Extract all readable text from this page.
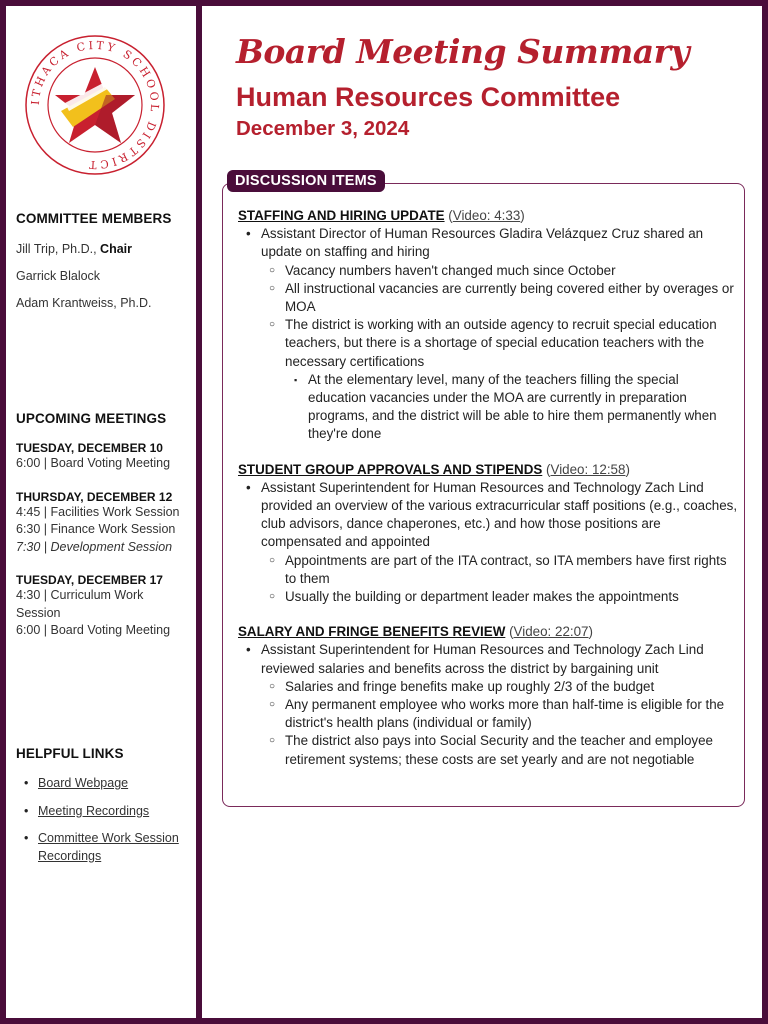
ITHACA CITY SCHOOL DISTRICT
COMMITTEE MEMBERS
Jill Trip, Ph.D., Chair
Garrick Blalock
Adam Krantweiss, Ph.D.
UPCOMING MEETINGS
TUESDAY, DECEMBER 10
6:00 | Board Voting Meeting
THURSDAY, DECEMBER 12
4:45 | Facilities Work Session
6:30 | Finance Work Session
7:30 | Development Session
TUESDAY, DECEMBER 17
4:30 | Curriculum Work Session
6:00 | Board Voting Meeting
HELPFUL LINKS
• Board Webpage
• Meeting Recordings
• Committee Work Session Recordings
Board Meeting Summary
Human Resources Committee
December 3, 2024
DISCUSSION ITEMS
STAFFING AND HIRING UPDATE (Video: 4:33)
• Assistant Director of Human Resources Gladira Velázquez Cruz shared an update on staffing and hiring
○ Vacancy numbers haven't changed much since October
○ All instructional vacancies are currently being covered either by overages or MOA
○ The district is working with an outside agency to recruit special education teachers, but there is a shortage of special education teachers with the necessary certifications
▪ At the elementary level, many of the teachers filling the special education vacancies under the MOA are currently in preparation programs, and the district will be able to hire them permanently when they're done
STUDENT GROUP APPROVALS AND STIPENDS (Video: 12:58)
• Assistant Superintendent for Human Resources and Technology Zach Lind provided an overview of the various extracurricular staff positions (e.g., coaches, club advisors, dance chaperones, etc.) and how those positions are compensated and appointed
○ Appointments are part of the ITA contract, so ITA members have first rights to them
○ Usually the building or department leader makes the appointments
SALARY AND FRINGE BENEFITS REVIEW (Video: 22:07)
• Assistant Superintendent for Human Resources and Technology Zach Lind reviewed salaries and benefits across the district by bargaining unit
○ Salaries and fringe benefits make up roughly 2/3 of the budget
○ Any permanent employee who works more than half-time is eligible for the district's health plans (individual or family)
○ The district also pays into Social Security and the teacher and employee retirement systems; these costs are set yearly and are not negotiable
